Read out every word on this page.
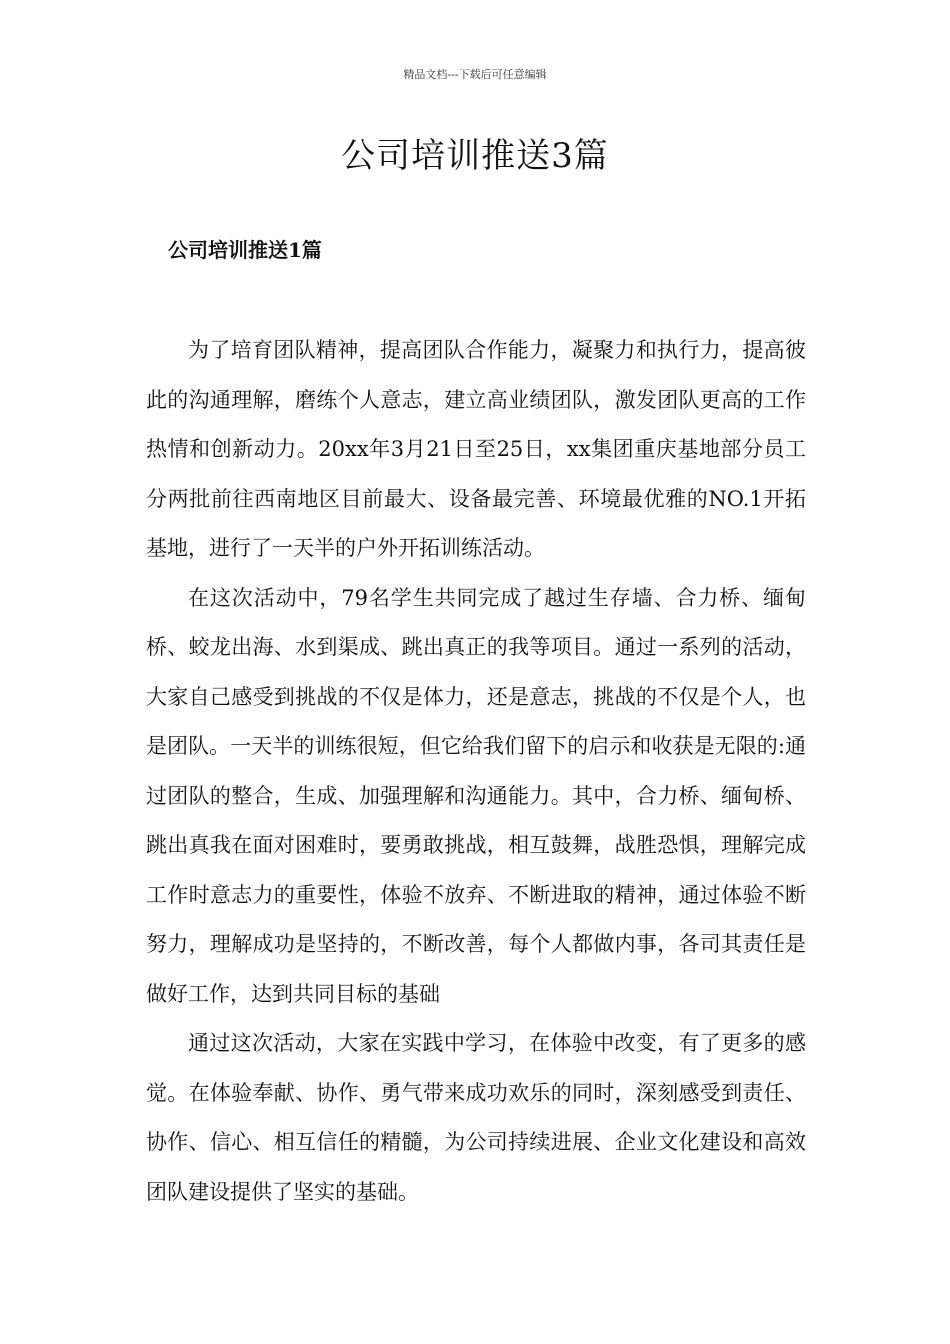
精品文档---下载后可任意编辑
公司培训推送3篇
公司培训推送1篇

为了培育团队精神，提高团队合作能力，凝聚力和执行力，提高彼此的沟通理解，磨练个人意志，建立高业绩团队，激发团队更高的工作热情和创新动力。20xx年3月21日至25日，xx集团重庆基地部分员工分两批前往西南地区目前最大、设备最完善、环境最优雅的NO.1开拓基地，进行了一天半的户外开拓训练活动。

在这次活动中，79名学生共同完成了越过生存墙、合力桥、缅甸桥、蛟龙出海、水到渠成、跳出真正的我等项目。通过一系列的活动，大家自己感受到挑战的不仅是体力，还是意志，挑战的不仅是个人，也是团队。一天半的训练很短，但它给我们留下的启示和收获是无限的:通过团队的整合，生成、加强理解和沟通能力。其中，合力桥、缅甸桥、跳出真我在面对困难时，要勇敢挑战，相互鼓舞，战胜恐惧，理解完成工作时意志力的重要性，体验不放弃、不断进取的精神，通过体验不断努力，理解成功是坚持的，不断改善，每个人都做内事，各司其责任是做好工作，达到共同目标的基础

通过这次活动，大家在实践中学习，在体验中改变，有了更多的感觉。在体验奉献、协作、勇气带来成功欢乐的同时，深刻感受到责任、协作、信心、相互信任的精髓，为公司持续进展、企业文化建设和高效团队建设提供了坚实的基础。
